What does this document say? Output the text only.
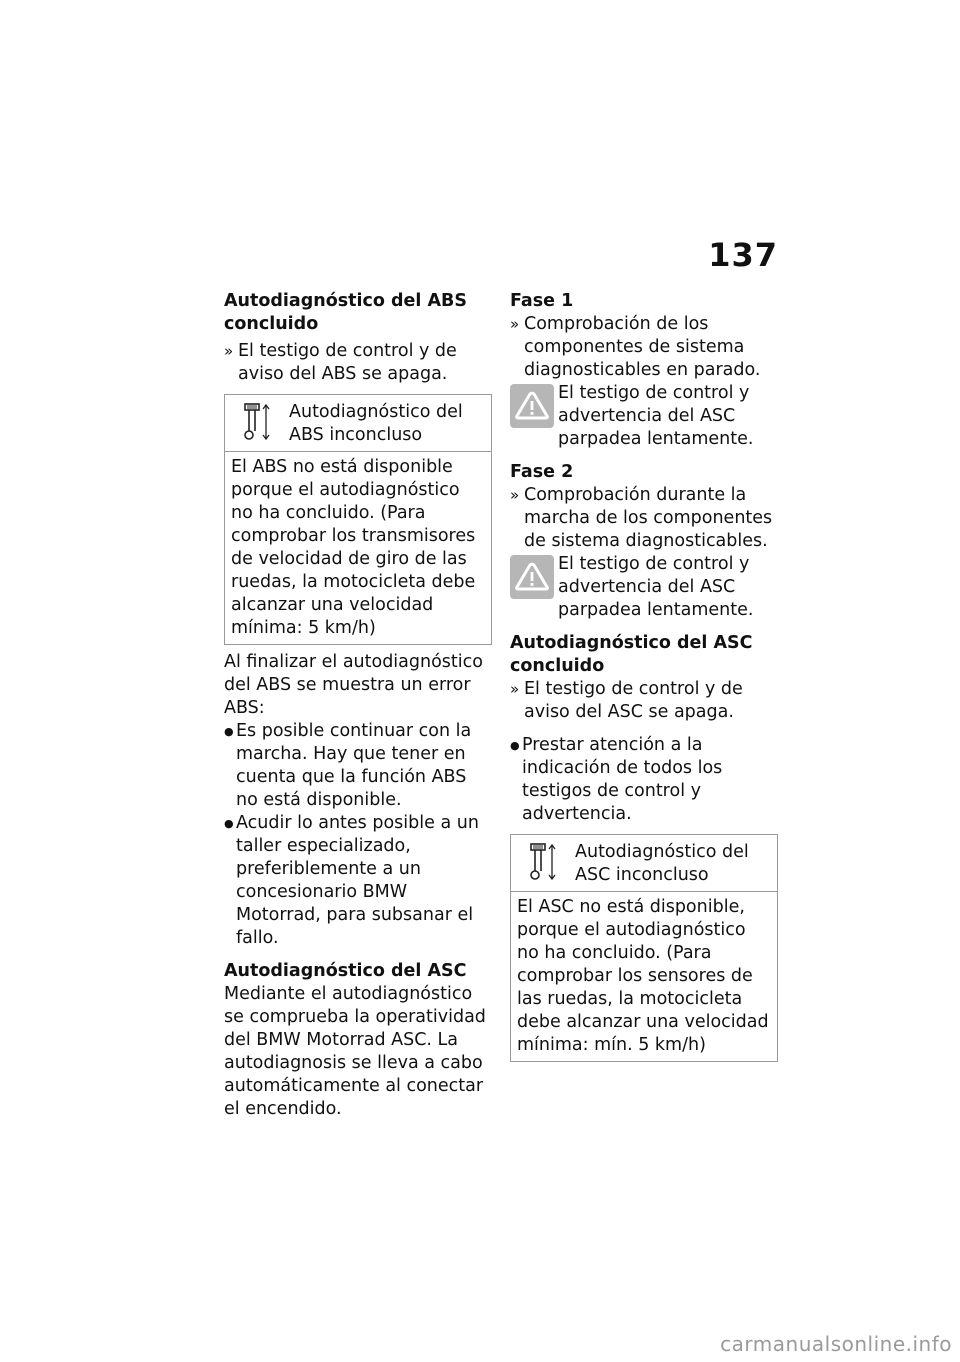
137

Autodiagnóstico del ABS concluido

» El testigo de control y de aviso del ABS se apaga.

Autodiagnóstico del ABS inconcluso
El ABS no está disponible porque el autodiagnóstico no ha concluido. (Para comprobar los transmisores de velocidad de giro de las ruedas, la motocicleta debe alcanzar una velocidad mínima: 5 km/h)

Al finalizar el autodiagnóstico del ABS se muestra un error ABS:

● Es posible continuar con la marcha. Hay que tener en cuenta que la función ABS no está disponible.

● Acudir lo antes posible a un taller especializado, preferiblemente a un concesionario BMW Motorrad, para subsanar el fallo.

Autodiagnóstico del ASC

Mediante el autodiagnóstico se comprueba la operatividad del BMW Motorrad ASC. La autodiagnosis se lleva a cabo automáticamente al conectar el encendido.

Fase 1

» Comprobación de los componentes de sistema diagnosticables en parado.

El testigo de control y advertencia del ASC parpadea lentamente.

Fase 2

» Comprobación durante la marcha de los componentes de sistema diagnosticables.

El testigo de control y advertencia del ASC parpadea lentamente.

Autodiagnóstico del ASC concluido

» El testigo de control y de aviso del ASC se apaga.

● Prestar atención a la indicación de todos los testigos de control y advertencia.

Autodiagnóstico del ASC inconcluso
El ASC no está disponible, porque el autodiagnóstico no ha concluido. (Para comprobar los sensores de las ruedas, la motocicleta debe alcanzar una velocidad mínima: mín. 5 km/h)
carmanualsonline.info
